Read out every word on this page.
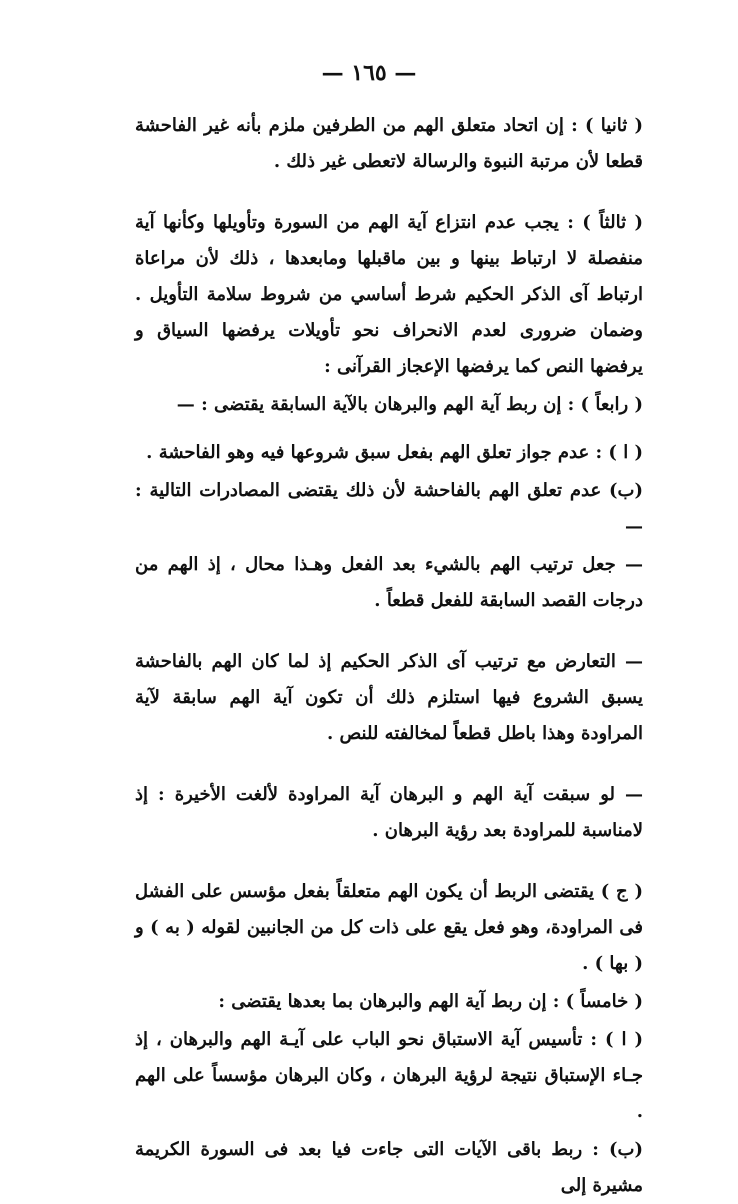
— ١٦٥ —

( ثانيا ) : إن اتحاد متعلق الهم من الطرفين ملزم بأنه غير الفاحشة قطعا لأن مرتبة النبوة والرسالة لاتعطى غير ذلك .

( ثالثاً ) : يجب عدم انتزاع آية الهم من السورة وتأويلها وكأنها آية منفصلة لا ارتباط بينها و بين ماقبلها ومابعدها ، ذلك لأن مراعاة ارتباط آى الذكر الحكيم شرط أساسي من شروط سلامة التأويل . وضمان ضرورى لعدم الانحراف نحو تأويلات يرفضها السياق و يرفضها النص كما يرفضها الإعجاز القرآنى :

( رابعاً ) : إن ربط آية الهم والبرهان بالآية السابقة يقتضى : —

( ا ) : عدم جواز تعلق الهم بفعل سبق شروعها فيه وهو الفاحشة .

(ب) عدم تعلق الهم بالفاحشة لأن ذلك يقتضى المصادرات التالية : —

— جعل ترتيب الهم بالشيء بعد الفعل وهـذا محال ، إذ الهم من درجات القصد السابقة للفعل قطعاً .

— التعارض مع ترتيب آى الذكر الحكيم إذ لما كان الهم بالفاحشة يسبق الشروع فيها استلزم ذلك أن تكون آية الهم سابقة لآية المراودة وهذا باطل قطعاً لمخالفته للنص .

— لو سبقت آية الهم و البرهان آية المراودة لألغت الأخيرة : إذ لامناسبة للمراودة بعد رؤية البرهان .

( ج ) يقتضى الربط أن يكون الهم متعلقاً بفعل مؤسس على الفشل فى المراودة، وهو فعل يقع على ذات كل من الجانبين لقوله ( به ) و ( بها ) .

( خامساً ) : إن ربط آية الهم والبرهان بما بعدها يقتضى :

( ا ) : تأسيس آية الاستباق نحو الباب على آيـة الهم والبرهان ، إذ جـاء الإستباق نتيجة لرؤية البرهان ، وكان البرهان مؤسساً على الهم .

(ب) : ربط باقى الآيات التى جاءت فيا بعد فى السورة الكريمة مشيرة إلى
